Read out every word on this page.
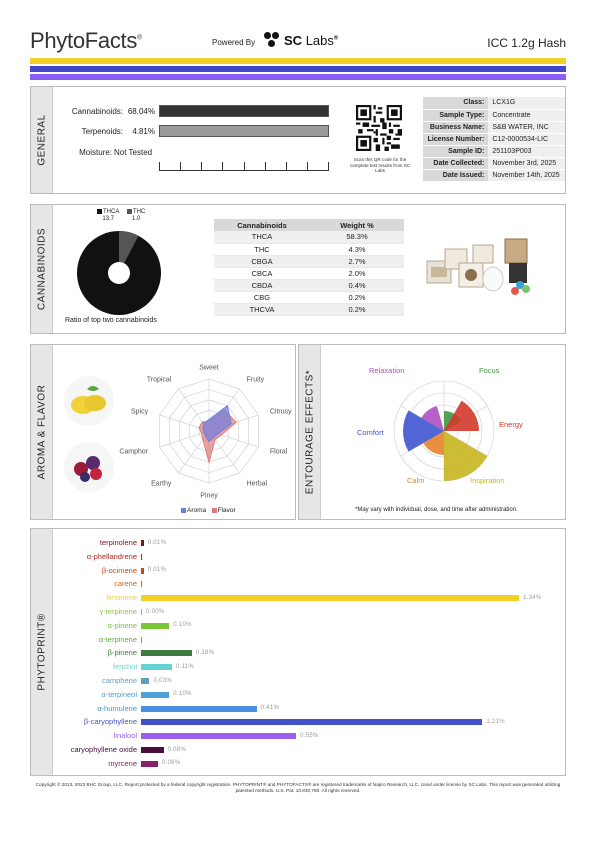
PhytoFacts®	Powered By SC Labs®	ICC 1.2g Hash
GENERAL
Cannabinoids: 68.04%
Terpenoids:	4.81%
Moisture: Not Tested
Scan this QR code for the complete test results from SC Labs
Class:	LCX1G
Sample Type:	Concentrate
Business Name:	S&B WATER, INC
License Number:	C12-0000534-LIC
Sample ID:	251103P003
Date Collected:	November 3rd, 2025
Date Issued:	November 14th, 2025
CANNABINOIDS
THCA
13.7
THC
1.0
Ratio of top two cannabinoids
Cannabinoids	Weight %
THCA	58.3%
THC	4.3%
CBGA	2.7%
CBCA	2.0%
CBDA	0.4%
CBG	0.2%
THCVA	0.2%
AROMA & FLAVOR
Sweet
Fruity
Citrusy
Floral
Herbal
Piney
Earthy
Camphor
Spicy
Tropical
Aroma Flavor
ENTOURAGE EFFECTS*	Relaxation	Focus
Energy
Inspiration
Calm
Comfort
*May vary with individual, dose, and time after administration.
PHYTOPRINT®
terpinolene
α-phellandrene
β-ocimene
carene
limonene
γ-terpinene
α-pinene
α-terpinene
β-pinene
fenchol
camphene
α-terpineol
α-humulene
β-caryophyllene
linalool
caryophyllene oxide
myrcene
0.01%
0.01%
1.34%
0.00%
0.10%
0.18%
0.11%
0.03%
0.10%
0.41%
1.21%
0.55%
0.08%
0.06%
Copyright © 2013, 2023 BHC Group, LLC. Report protected by a federal copyright registration. PHYTOPRINT® and PHYTOFACTS® are registered trademarks of Napro Research, LLC. Used under license by SC Labs. This report was generated utilizing patented methods. U.S. Pat. 10,830,780. All rights reserved.
